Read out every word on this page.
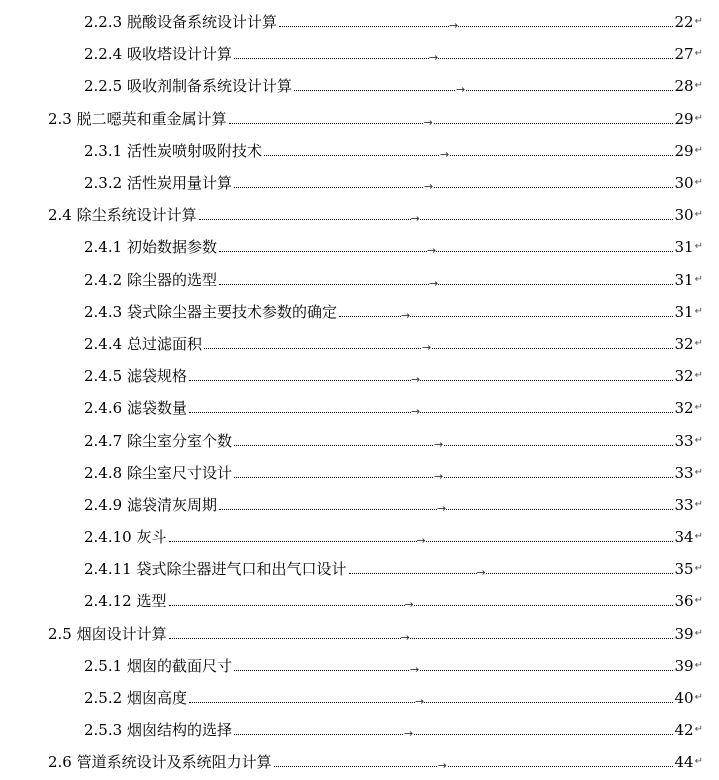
2.2.3 脱酸设备系统设计计算	→	22 ↵
2.2.4 吸收塔设计计算	→	27 ↵
2.2.5 吸收剂制备系统设计计算	→	28 ↵
2.3 脱二噁英和重金属计算	→	29 ↵
2.3.1 活性炭喷射吸附技术	→	29 ↵
2.3.2 活性炭用量计算	→	30 ↵
2.4 除尘系统设计计算	→	30 ↵
2.4.1 初始数据参数	→	31 ↵
2.4.2 除尘器的选型	→	31 ↵
2.4.3 袋式除尘器主要技术参数的确定	→	31 ↵
2.4.4 总过滤面积	→	32 ↵
2.4.5 滤袋规格	→	32 ↵
2.4.6 滤袋数量	→	32 ↵
2.4.7 除尘室分室个数	→	33 ↵
2.4.8 除尘室尺寸设计	→	33 ↵
2.4.9 滤袋清灰周期	→	33 ↵
2.4.10 灰斗	→	34 ↵
2.4.11 袋式除尘器进气口和出气口设计	→	35 ↵
2.4.12 选型	→	36 ↵
2.5 烟囱设计计算	→	39 ↵
2.5.1 烟囱的截面尺寸	→	39 ↵
2.5.2 烟囱高度	→	40 ↵
2.5.3 烟囱结构的选择	→	42 ↵
2.6 管道系统设计及系统阻力计算	→	44 ↵
